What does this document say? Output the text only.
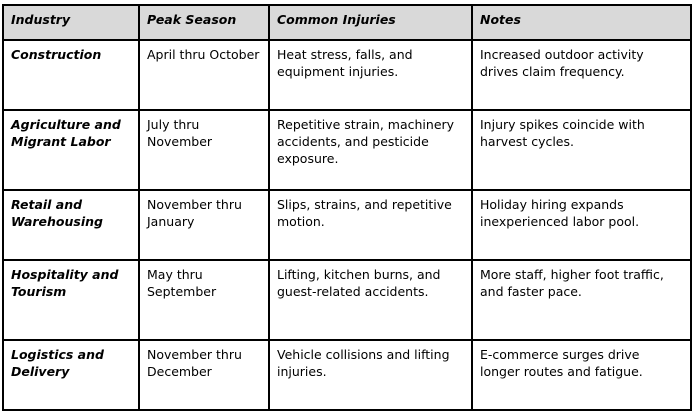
Industry	Peak Season	Common Injuries	Notes
Construction	April thru October	Heat stress, falls, and equipment injuries.	Increased outdoor activity drives claim frequency.
Agriculture and Migrant Labor	July thru November	Repetitive strain, machinery accidents, and pesticide exposure.	Injury spikes coincide with harvest cycles.
Retail and Warehousing	November thru January	Slips, strains, and repetitive motion.	Holiday hiring expands inexperienced labor pool.
Hospitality and Tourism	May thru September	Lifting, kitchen burns, and guest-related accidents.	More staff, higher foot traffic, and faster pace.
Logistics and Delivery	November thru December	Vehicle collisions and lifting injuries.	E-commerce surges drive longer routes and fatigue.
